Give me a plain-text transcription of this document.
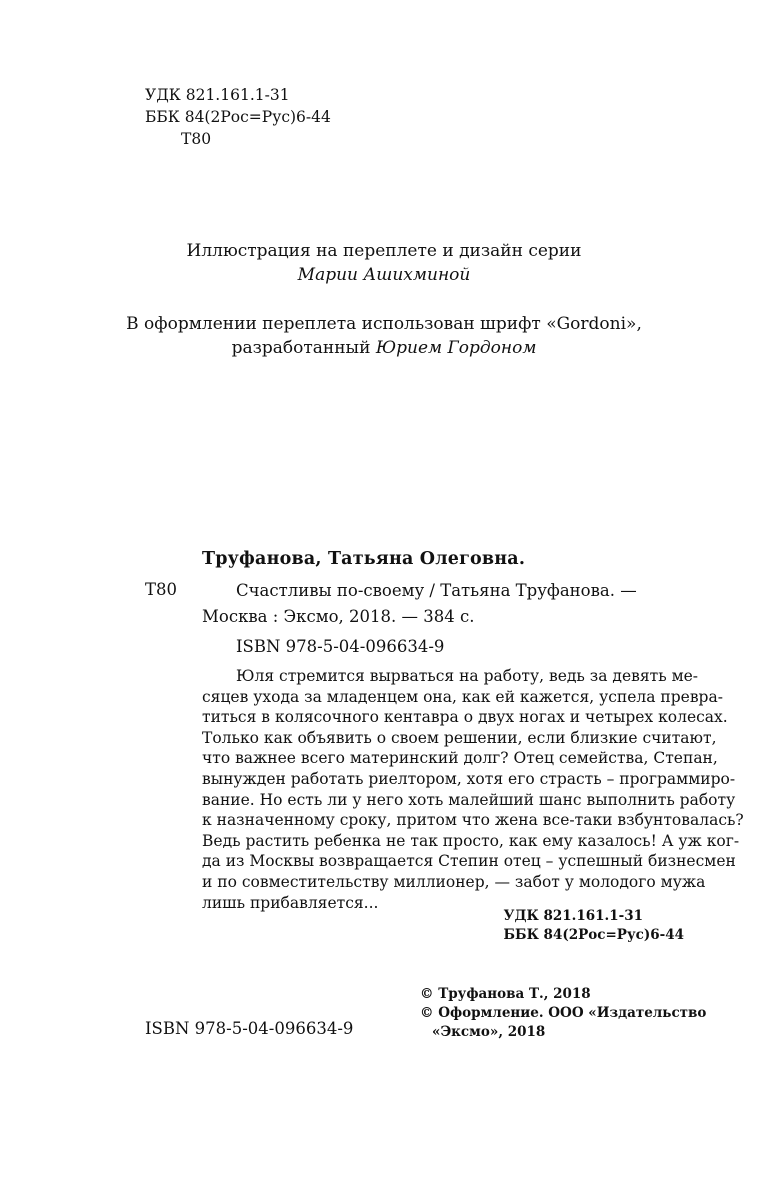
УДК 821.161.1-31
ББК 84(2Рос=Рус)6-44
Т80
Иллюстрация на переплете и дизайн серии
Марии Ашихминой
В оформлении переплета использован шрифт «Gordoni»,
разработанный Юрием Гордоном
Труфанова, Татьяна Олеговна.
Т80	Счастливы по-своему / Татьяна Труфанова. —
Москва : Эксмо, 2018. — 384 с.
ISBN 978-5-04-096634-9
Юля стремится вырваться на работу, ведь за девять ме-
сяцев ухода за младенцем она, как ей кажется, успела превра-
титься в колясочного кентавра о двух ногах и четырех колесах.
Только как объявить о своем решении, если близкие считают,
что важнее всего материнский долг? Отец семейства, Степан,
вынужден работать риелтором, хотя его страсть – программиро-
вание. Но есть ли у него хоть малейший шанс выполнить работу
к назначенному сроку, притом что жена все-таки взбунтовалась?
Ведь растить ребенка не так просто, как ему казалось! А уж ког-
да из Москвы возвращается Степин отец – успешный бизнесмен
и по совместительству миллионер, — забот у молодого мужа
лишь прибавляется...
УДК 821.161.1-31
ББК 84(2Рос=Рус)6-44
© Труфанова Т., 2018
© Оформление. ООО «Издательство
«Эксмо», 2018
ISBN 978-5-04-096634-9
